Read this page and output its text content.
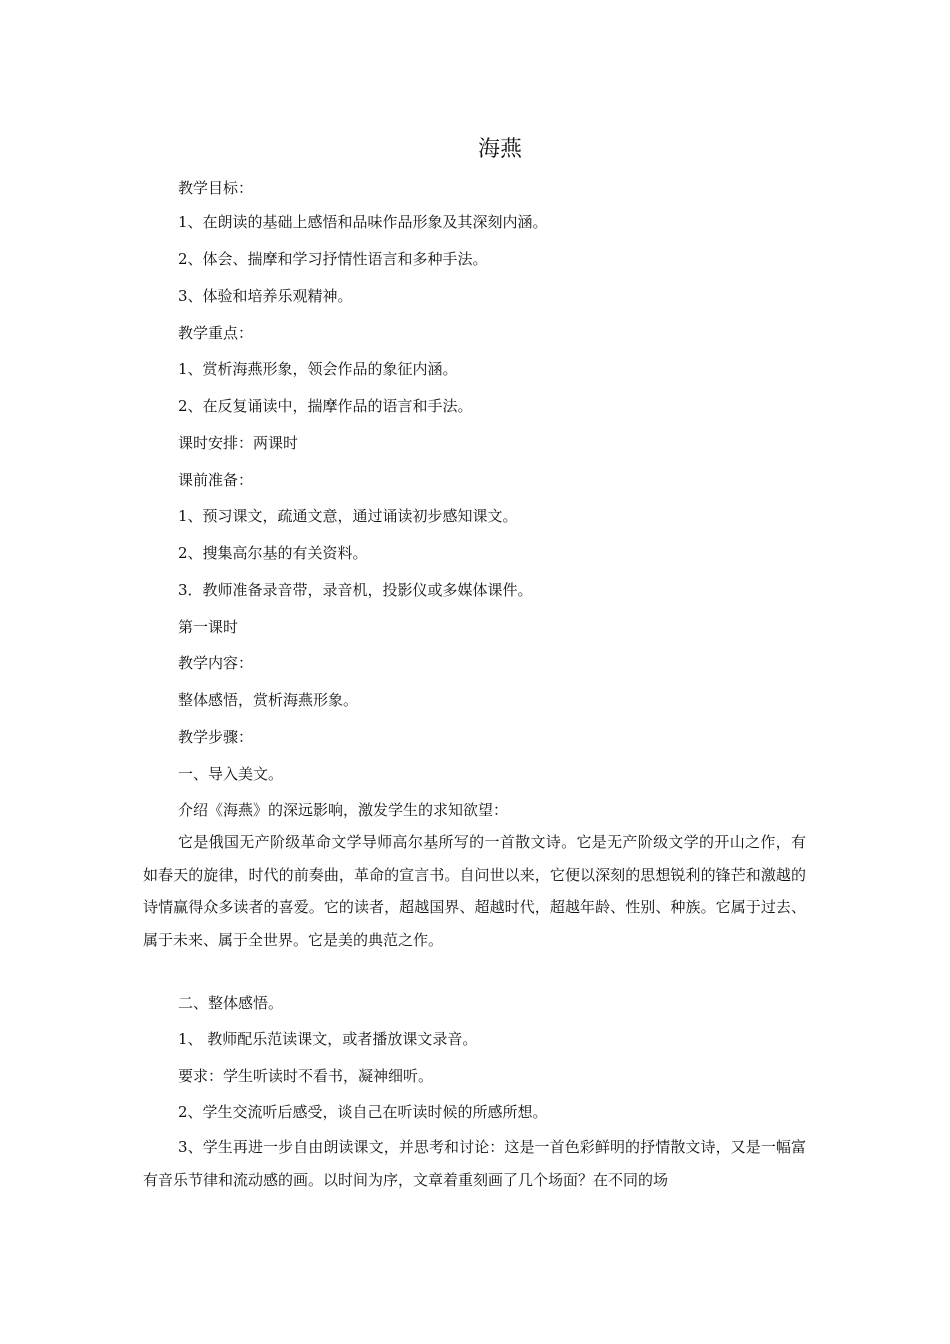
海燕
教学目标：
1、在朗读的基础上感悟和品味作品形象及其深刻内涵。
2、体会、揣摩和学习抒情性语言和多种手法。
3、体验和培养乐观精神。
教学重点：
1、赏析海燕形象，领会作品的象征内涵。
2、在反复诵读中，揣摩作品的语言和手法。
课时安排：两课时
课前准备：
1、预习课文，疏通文意，通过诵读初步感知课文。
2、搜集高尔基的有关资料。
3．教师准备录音带，录音机，投影仪或多媒体课件。
第一课时
教学内容：
整体感悟，赏析海燕形象。
教学步骤：
一、导入美文。
介绍《海燕》的深远影响，激发学生的求知欲望：
它是俄国无产阶级革命文学导师高尔基所写的一首散文诗。它是无产阶级文学的开山之作，有如春天的旋律，时代的前奏曲，革命的宣言书。自问世以来，它便以深刻的思想锐利的锋芒和激越的诗情赢得众多读者的喜爱。它的读者，超越国界、超越时代，超越年龄、性别、种族。它属于过去、属于未来、属于全世界。它是美的典范之作。
二、整体感悟。
1、 教师配乐范读课文，或者播放课文录音。
要求：学生听读时不看书，凝神细听。
2、学生交流听后感受，谈自己在听读时候的所感所想。
3、学生再进一步自由朗读课文，并思考和讨论：这是一首色彩鲜明的抒情散文诗，又是一幅富有音乐节律和流动感的画。以时间为序，文章着重刻画了几个场面？在不同的场
